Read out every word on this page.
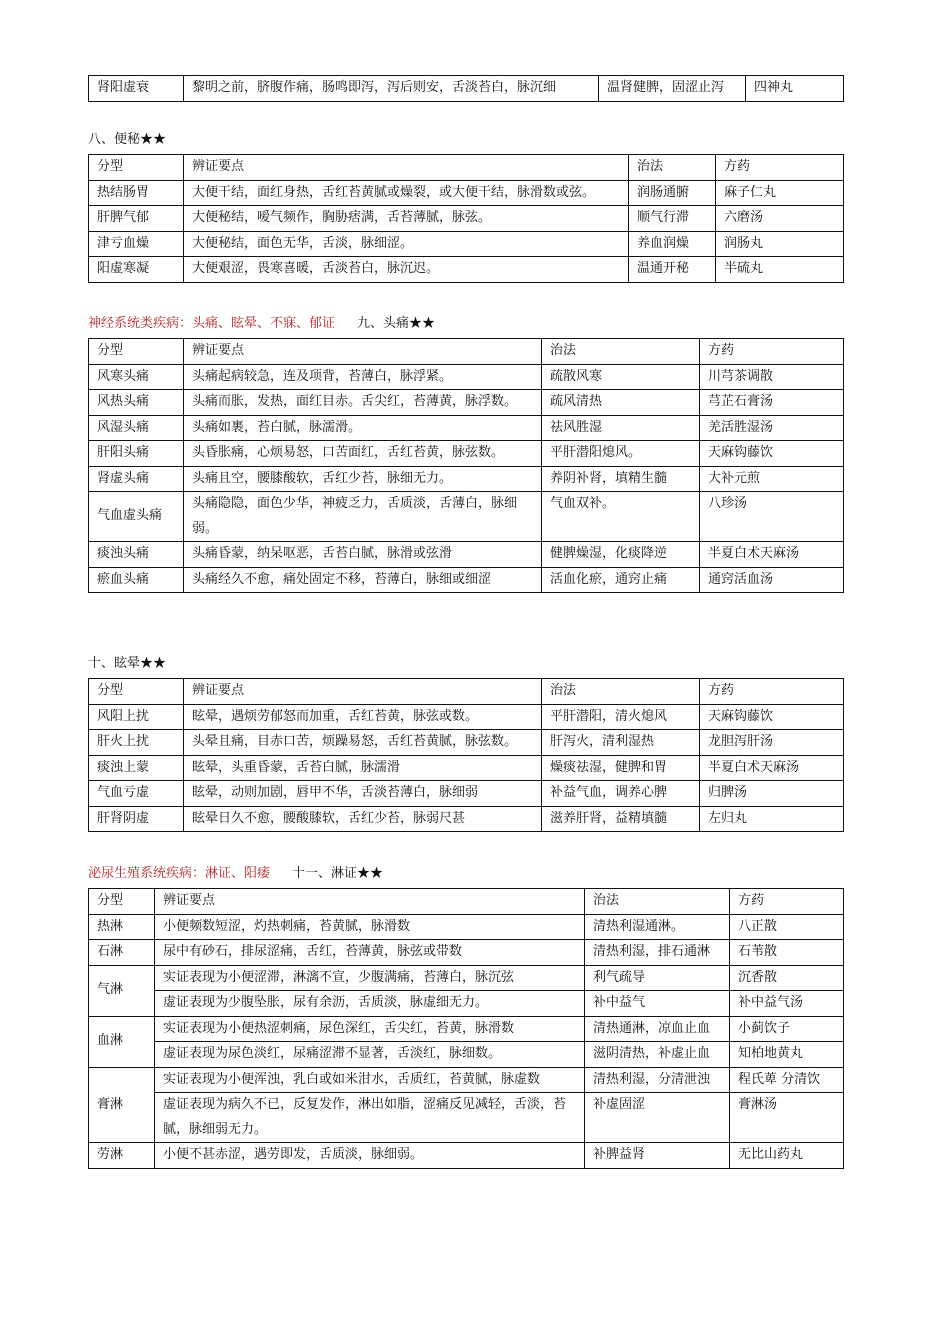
肾阳虚衰	黎明之前，脐腹作痛，肠鸣即泻，泻后则安，舌淡苔白，脉沉细	温肾健脾，固涩止泻	四神丸
八、便秘★★
分型	辨证要点	治法	方药
热结肠胃	大便干结，面红身热，舌红苔黄腻或燥裂，或大便干结，脉滑数或弦。	润肠通腑	麻子仁丸
肝脾气郁	大便秘结，嗳气频作，胸胁痞满，舌苔薄腻，脉弦。	顺气行滞	六磨汤
津亏血燥	大便秘结，面色无华，舌淡，脉细涩。	养血润燥	润肠丸
阳虚寒凝	大便艰涩，畏寒喜暖，舌淡苔白，脉沉迟。	温通开秘	半硫丸
神经系统类疾病：头痛、眩晕、不寐、郁证 九、头痛★★
分型	辨证要点	治法	方药
风寒头痛	头痛起病较急，连及项背，苔薄白，脉浮紧。	疏散风寒	川芎茶调散
风热头痛	头痛而胀，发热，面红目赤。舌尖红，苔薄黄，脉浮数。	疏风清热	芎芷石膏汤
风湿头痛	头痛如裹，苔白腻，脉濡滑。	祛风胜湿	羌活胜湿汤
肝阳头痛	头昏胀痛，心烦易怒，口苦面红，舌红苔黄，脉弦数。	平肝潜阳熄风。	天麻钩藤饮
肾虚头痛	头痛且空，腰膝酸软，舌红少苔，脉细无力。	养阴补肾，填精生髓	大补元煎
气血虚头痛	头痛隐隐，面色少华，神疲乏力，舌质淡，舌薄白，脉细弱。	气血双补。	八珍汤
痰浊头痛	头痛昏蒙，纳呆呕恶，舌苔白腻，脉滑或弦滑	健脾燥湿，化痰降逆	半夏白术天麻汤
瘀血头痛	头痛经久不愈，痛处固定不移，苔薄白，脉细或细涩	活血化瘀，通窍止痛	通窍活血汤
十、眩晕★★
分型	辨证要点	治法	方药
风阳上扰	眩晕，遇烦劳郁怒而加重，舌红苔黄，脉弦或数。	平肝潜阳，清火熄风	天麻钩藤饮
肝火上扰	头晕且痛，目赤口苦，烦躁易怒，舌红苔黄腻，脉弦数。	肝泻火，清利湿热	龙胆泻肝汤
痰浊上蒙	眩晕，头重昏蒙，舌苔白腻，脉濡滑	燥痰祛湿，健脾和胃	半夏白术天麻汤
气血亏虚	眩晕，动则加剧，唇甲不华，舌淡苔薄白，脉细弱	补益气血，调养心脾	归脾汤
肝肾阴虚	眩晕日久不愈，腰酸膝软，舌红少苔，脉弱尺甚	滋养肝肾，益精填髓	左归丸
泌尿生殖系统疾病：淋证、阳痿 十一、淋证★★
分型	辨证要点	治法	方药
热淋	小便频数短涩，灼热刺痛，苔黄腻，脉滑数	清热利湿通淋。	八正散
石淋	尿中有砂石，排尿涩痛，舌红，苔薄黄，脉弦或带数	清热利湿，排石通淋	石苇散
气淋	实证表现为小便涩滞，淋漓不宣，少腹满痛，苔薄白，脉沉弦	利气疏导	沉香散
	虚证表现为少腹坠胀，尿有余沥，舌质淡，脉虚细无力。	补中益气	补中益气汤
血淋	实证表现为小便热涩刺痛，尿色深红，舌尖红，苔黄，脉滑数	清热通淋，凉血止血	小蓟饮子
	虚证表现为尿色淡红，尿痛涩滞不显著，舌淡红，脉细数。	滋阴清热，补虚止血	知柏地黄丸
膏淋	实证表现为小便浑浊，乳白或如米泔水，舌质红，苔黄腻，脉虚数	清热利湿，分清泄浊	程氏萆 分清饮
	虚证表现为病久不已，反复发作，淋出如脂，涩痛反见减轻，舌淡，苔腻，脉细弱无力。	补虚固涩	膏淋汤
劳淋	小便不甚赤涩，遇劳即发，舌质淡，脉细弱。	补脾益肾	无比山药丸
